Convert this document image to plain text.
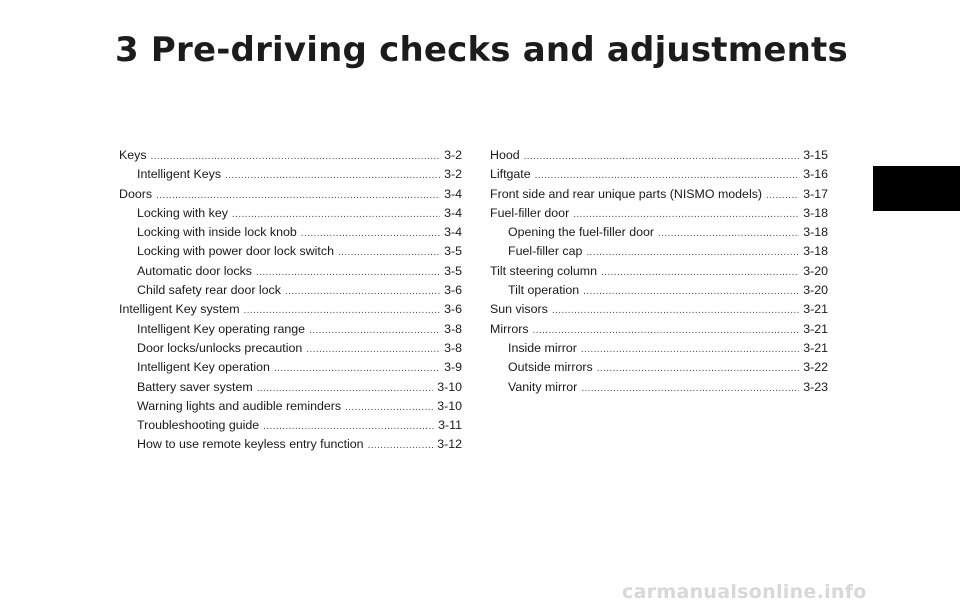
3 Pre-driving checks and adjustments
Keys .....	3-2
Intelligent Keys .....	3-2
Doors .....	3-4
Locking with key .....	3-4
Locking with inside lock knob .....	3-4
Locking with power door lock switch .....	3-5
Automatic door locks .....	3-5
Child safety rear door lock .....	3-6
Intelligent Key system .....	3-6
Intelligent Key operating range .....	3-8
Door locks/unlocks precaution .....	3-8
Intelligent Key operation .....	3-9
Battery saver system .....	3-10
Warning lights and audible reminders .....	3-10
Troubleshooting guide .....	3-11
How to use remote keyless entry function .....	3-12
Hood .....	3-15
Liftgate .....	3-16
Front side and rear unique parts (NISMO models) .....	3-17
Fuel-filler door .....	3-18
Opening the fuel-filler door .....	3-18
Fuel-filler cap .....	3-18
Tilt steering column .....	3-20
Tilt operation .....	3-20
Sun visors .....	3-21
Mirrors .....	3-21
Inside mirror .....	3-21
Outside mirrors .....	3-22
Vanity mirror .....	3-23
carmanualsonline.info
